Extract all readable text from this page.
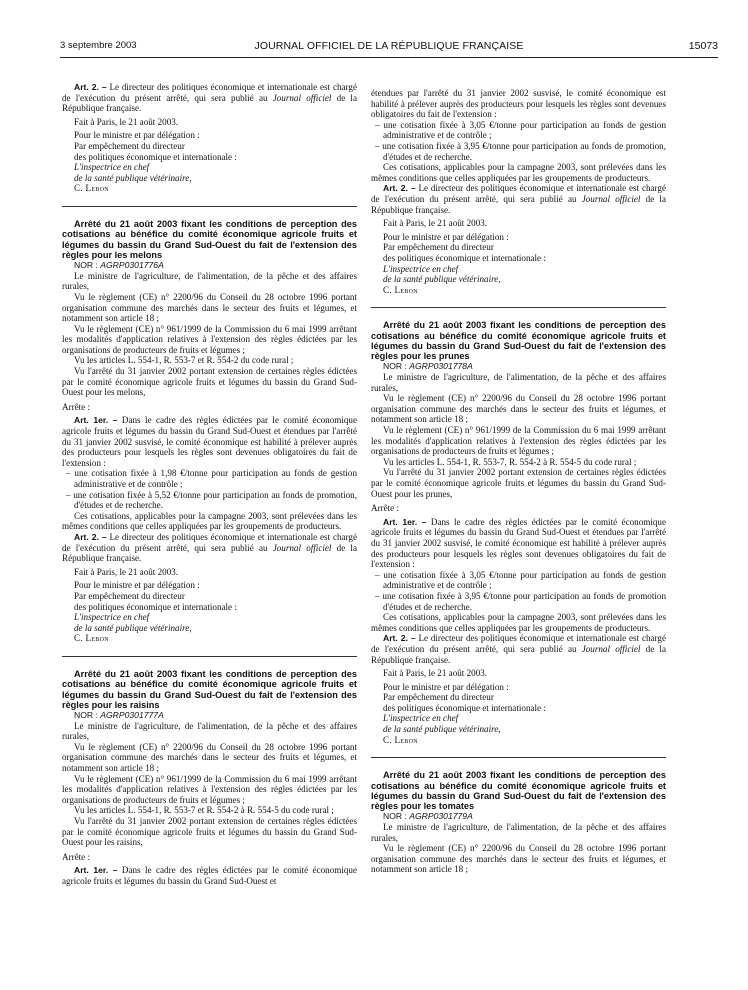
3 septembre 2003	JOURNAL OFFICIEL DE LA RÉPUBLIQUE FRANÇAISE	15073

Art. 2. – Le directeur des politiques économique et internationale est chargé de l'exécution du présent arrêté, qui sera publié au Journal officiel de la République française.

Fait à Paris, le 21 août 2003.

Pour le ministre et par délégation :

Par empêchement du directeur

des politiques économique et internationale :

L'inspectrice en chef

de la santé publique vétérinaire,

C. Lebon

Arrêté du 21 août 2003 fixant les conditions de perception des cotisations au bénéfice du comité économique agricole fruits et légumes du bassin du Grand Sud-Ouest du fait de l'extension des règles pour les melons

NOR : AGRP0301776A

Le ministre de l'agriculture, de l'alimentation, de la pêche et des affaires rurales,

Vu le règlement (CE) n° 2200/96 du Conseil du 28 octobre 1996 portant organisation commune des marchés dans le secteur des fruits et légumes, et notamment son article 18 ;

Vu le règlement (CE) n° 961/1999 de la Commission du 6 mai 1999 arrêtant les modalités d'application relatives à l'extension des règles édictées par les organisations de producteurs de fruits et légumes ;

Vu les articles L. 554-1, R. 553-7 et R. 554-2 du code rural ;

Vu l'arrêté du 31 janvier 2002 portant extension de certaines règles édictées par le comité économique agricole fruits et légumes du bassin du Grand Sud-Ouest pour les melons,

Arrête :

Art. 1er. – Dans le cadre des règles édictées par le comité économique agricole fruits et légumes du bassin du Grand Sud-Ouest et étendues par l'arrêté du 31 janvier 2002 susvisé, le comité économique est habilité à prélever auprès des producteurs pour lesquels les règles sont devenues obligatoires du fait de l'extension :

– une cotisation fixée à 1,98 €/tonne pour participation au fonds de gestion administrative et de contrôle ;

– une cotisation fixée à 5,52 €/tonne pour participation au fonds de promotion, d'études et de recherche.

Ces cotisations, applicables pour la campagne 2003, sont prélevées dans les mêmes conditions que celles appliquées par les groupements de producteurs.

Art. 2. – Le directeur des politiques économique et internationale est chargé de l'exécution du présent arrêté, qui sera publié au Journal officiel de la République française.

Fait à Paris, le 21 août 2003.

Pour le ministre et par délégation :

Par empêchement du directeur

des politiques économique et internationale :

L'inspectrice en chef

de la santé publique vétérinaire,

C. Lebon

Arrêté du 21 août 2003 fixant les conditions de perception des cotisations au bénéfice du comité économique agricole fruits et légumes du bassin du Grand Sud-Ouest du fait de l'extension des règles pour les raisins

NOR : AGRP0301777A

Le ministre de l'agriculture, de l'alimentation, de la pêche et des affaires rurales,

Vu le règlement (CE) n° 2200/96 du Conseil du 28 octobre 1996 portant organisation commune des marchés dans le secteur des fruits et légumes, et notamment son article 18 ;

Vu le règlement (CE) n° 961/1999 de la Commission du 6 mai 1999 arrêtant les modalités d'application relatives à l'extension des règles édictées par les organisations de producteurs de fruits et légumes ;

Vu les articles L. 554-1, R. 553-7 et R. 554-2 à R. 554-5 du code rural ;

Vu l'arrêté du 31 janvier 2002 portant extension de certaines règles édictées par le comité économique agricole fruits et légumes du bassin du Grand Sud-Ouest pour les raisins,

Arrête :

Art. 1er. – Dans le cadre des règles édictées par le comité économique agricole fruits et légumes du bassin du Grand Sud-Ouest et

étendues par l'arrêté du 31 janvier 2002 susvisé, le comité économique est habilité à prélever auprès des producteurs pour lesquels les règles sont devenues obligatoires du fait de l'extension :

– une cotisation fixée à 3,05 €/tonne pour participation au fonds de gestion administrative et de contrôle ;

– une cotisation fixée à 3,95 €/tonne pour participation au fonds de promotion, d'études et de recherche.

Ces cotisations, applicables pour la campagne 2003, sont prélevées dans les mêmes conditions que celles appliquées par les groupements de producteurs.

Art. 2. – Le directeur des politiques économique et internationale est chargé de l'exécution du présent arrêté, qui sera publié au Journal officiel de la République française.

Fait à Paris, le 21 août 2003.

Pour le ministre et par délégation :

Par empêchement du directeur

des politiques économique et internationale :

L'inspectrice en chef

de la santé publique vétérinaire,

C. Lebon

Arrêté du 21 août 2003 fixant les conditions de perception des cotisations au bénéfice du comité économique agricole fruits et légumes du bassin du Grand Sud-Ouest du fait de l'extension des règles pour les prunes

NOR : AGRP0301778A

Le ministre de l'agriculture, de l'alimentation, de la pêche et des affaires rurales,

Vu le règlement (CE) n° 2200/96 du Conseil du 28 octobre 1996 portant organisation commune des marchés dans le secteur des fruits et légumes, et notamment son article 18 ;

Vu le règlement (CE) n° 961/1999 de la Commission du 6 mai 1999 arrêtant les modalités d'application relatives à l'extension des règles édictées par les organisations de producteurs de fruits et légumes ;

Vu les articles L. 554-1, R. 553-7, R. 554-2 à R. 554-5 du code rural ;

Vu l'arrêté du 31 janvier 2002 portant extension de certaines règles édictées par le comité économique agricole fruits et légumes du bassin du Grand Sud-Ouest pour les prunes,

Arrête :

Art. 1er. – Dans le cadre des règles édictées par le comité économique agricole fruits et légumes du bassin du Grand Sud-Ouest et étendues par l'arrêté du 31 janvier 2002 susvisé, le comité économique est habilité à prélever auprès des producteurs pour lesquels les règles sont devenues obligatoires du fait de l'extension :

– une cotisation fixée à 3,05 €/tonne pour participation au fonds de gestion administrative et de contrôle ;

– une cotisation fixée à 3,95 €/tonne pour participation au fonds de promotion d'études et de recherche.

Ces cotisations, applicables pour la campagne 2003, sont prélevées dans les mêmes conditions que celles appliquées par les groupements de producteurs.

Art. 2. – Le directeur des politiques économique et internationale est chargé de l'exécution du présent arrêté, qui sera publié au Journal officiel de la République française.

Fait à Paris, le 21 août 2003.

Pour le ministre et par délégation :

Par empêchement du directeur

des politiques économique et internationale :

L'inspectrice en chef

de la santé publique vétérinaire,

C. Lebon

Arrêté du 21 août 2003 fixant les conditions de perception des cotisations au bénéfice du comité économique agricole fruits et légumes du bassin du Grand Sud-Ouest du fait de l'extension des règles pour les tomates

NOR : AGRP0301779A

Le ministre de l'agriculture, de l'alimentation, de la pêche et des affaires rurales,

Vu le règlement (CE) n° 2200/96 du Conseil du 28 octobre 1996 portant organisation commune des marchés dans le secteur des fruits et légumes, et notamment son article 18 ;
